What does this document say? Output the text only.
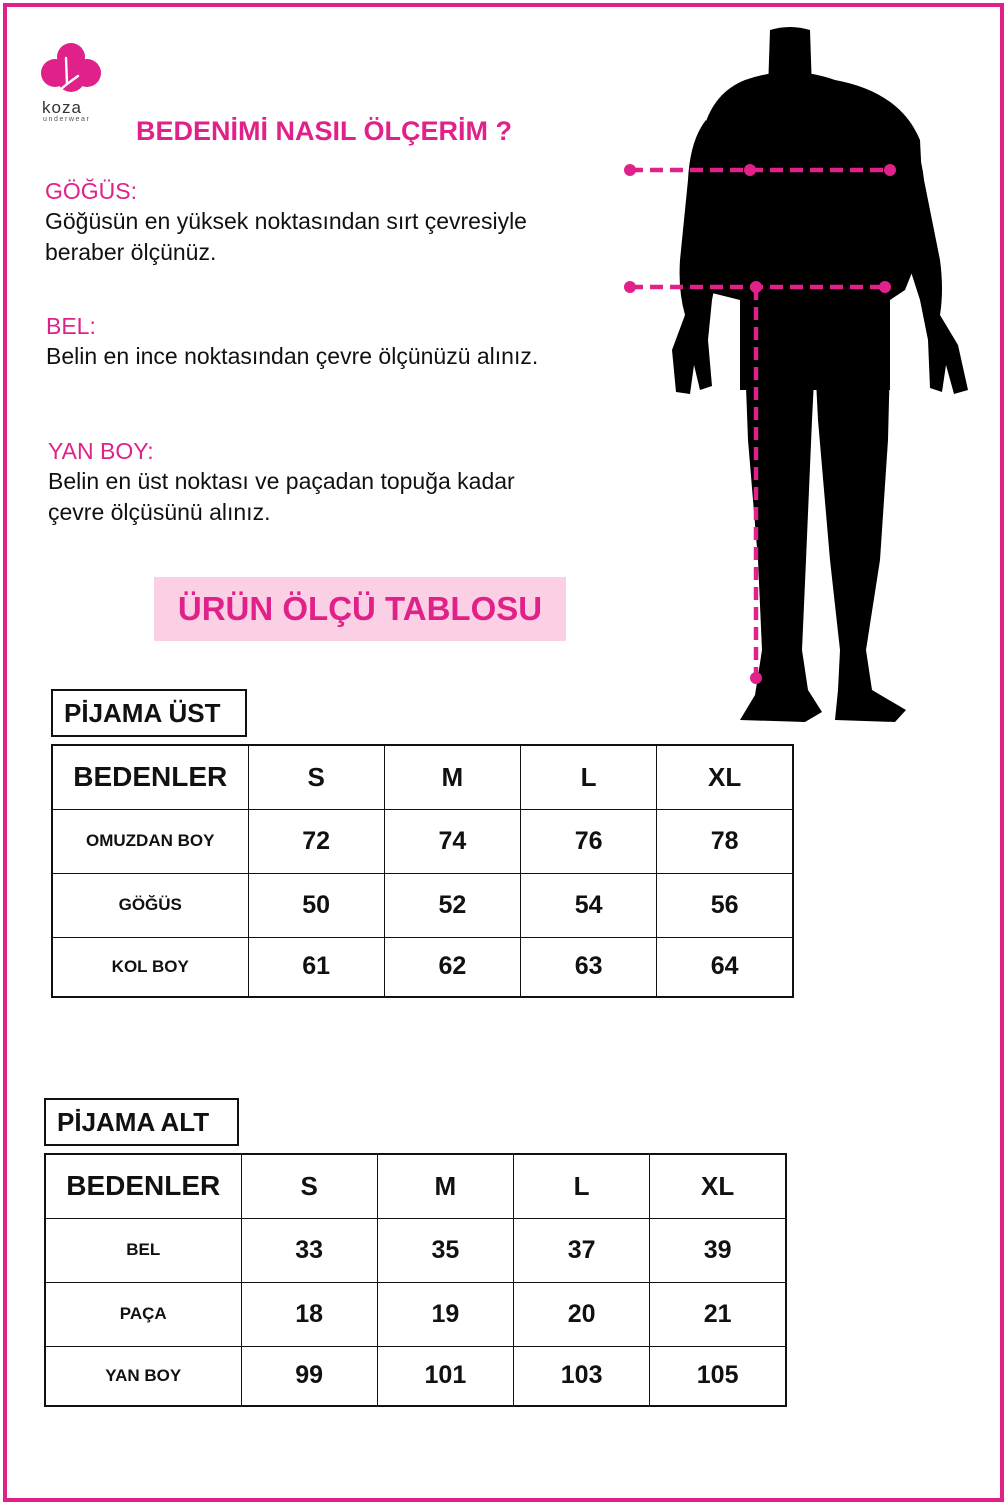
koza
underwear BEDENİMİ NASIL ÖLÇERİM ?
GÖĞÜS:
Göğüsün en yüksek noktasından sırt çevresiyle
beraber ölçünüz.
BEL:
Belin en ince noktasından çevre ölçünüzü alınız.
YAN BOY:
Belin en üst noktası ve paçadan topuğa kadar
çevre ölçüsünü alınız.
ÜRÜN ÖLÇÜ TABLOSU
PİJAMA ÜST
BEDENLER	S	M	L	XL
OMUZDAN BOY	72	74	76	78
GÖĞÜS	50	52	54	56
KOL BOY	61	62	63	64
PİJAMA ALT
BEDENLER	S	M	L	XL
BEL	33	35	37	39
PAÇA	18	19	20	21
YAN BOY	99	101	103	105
